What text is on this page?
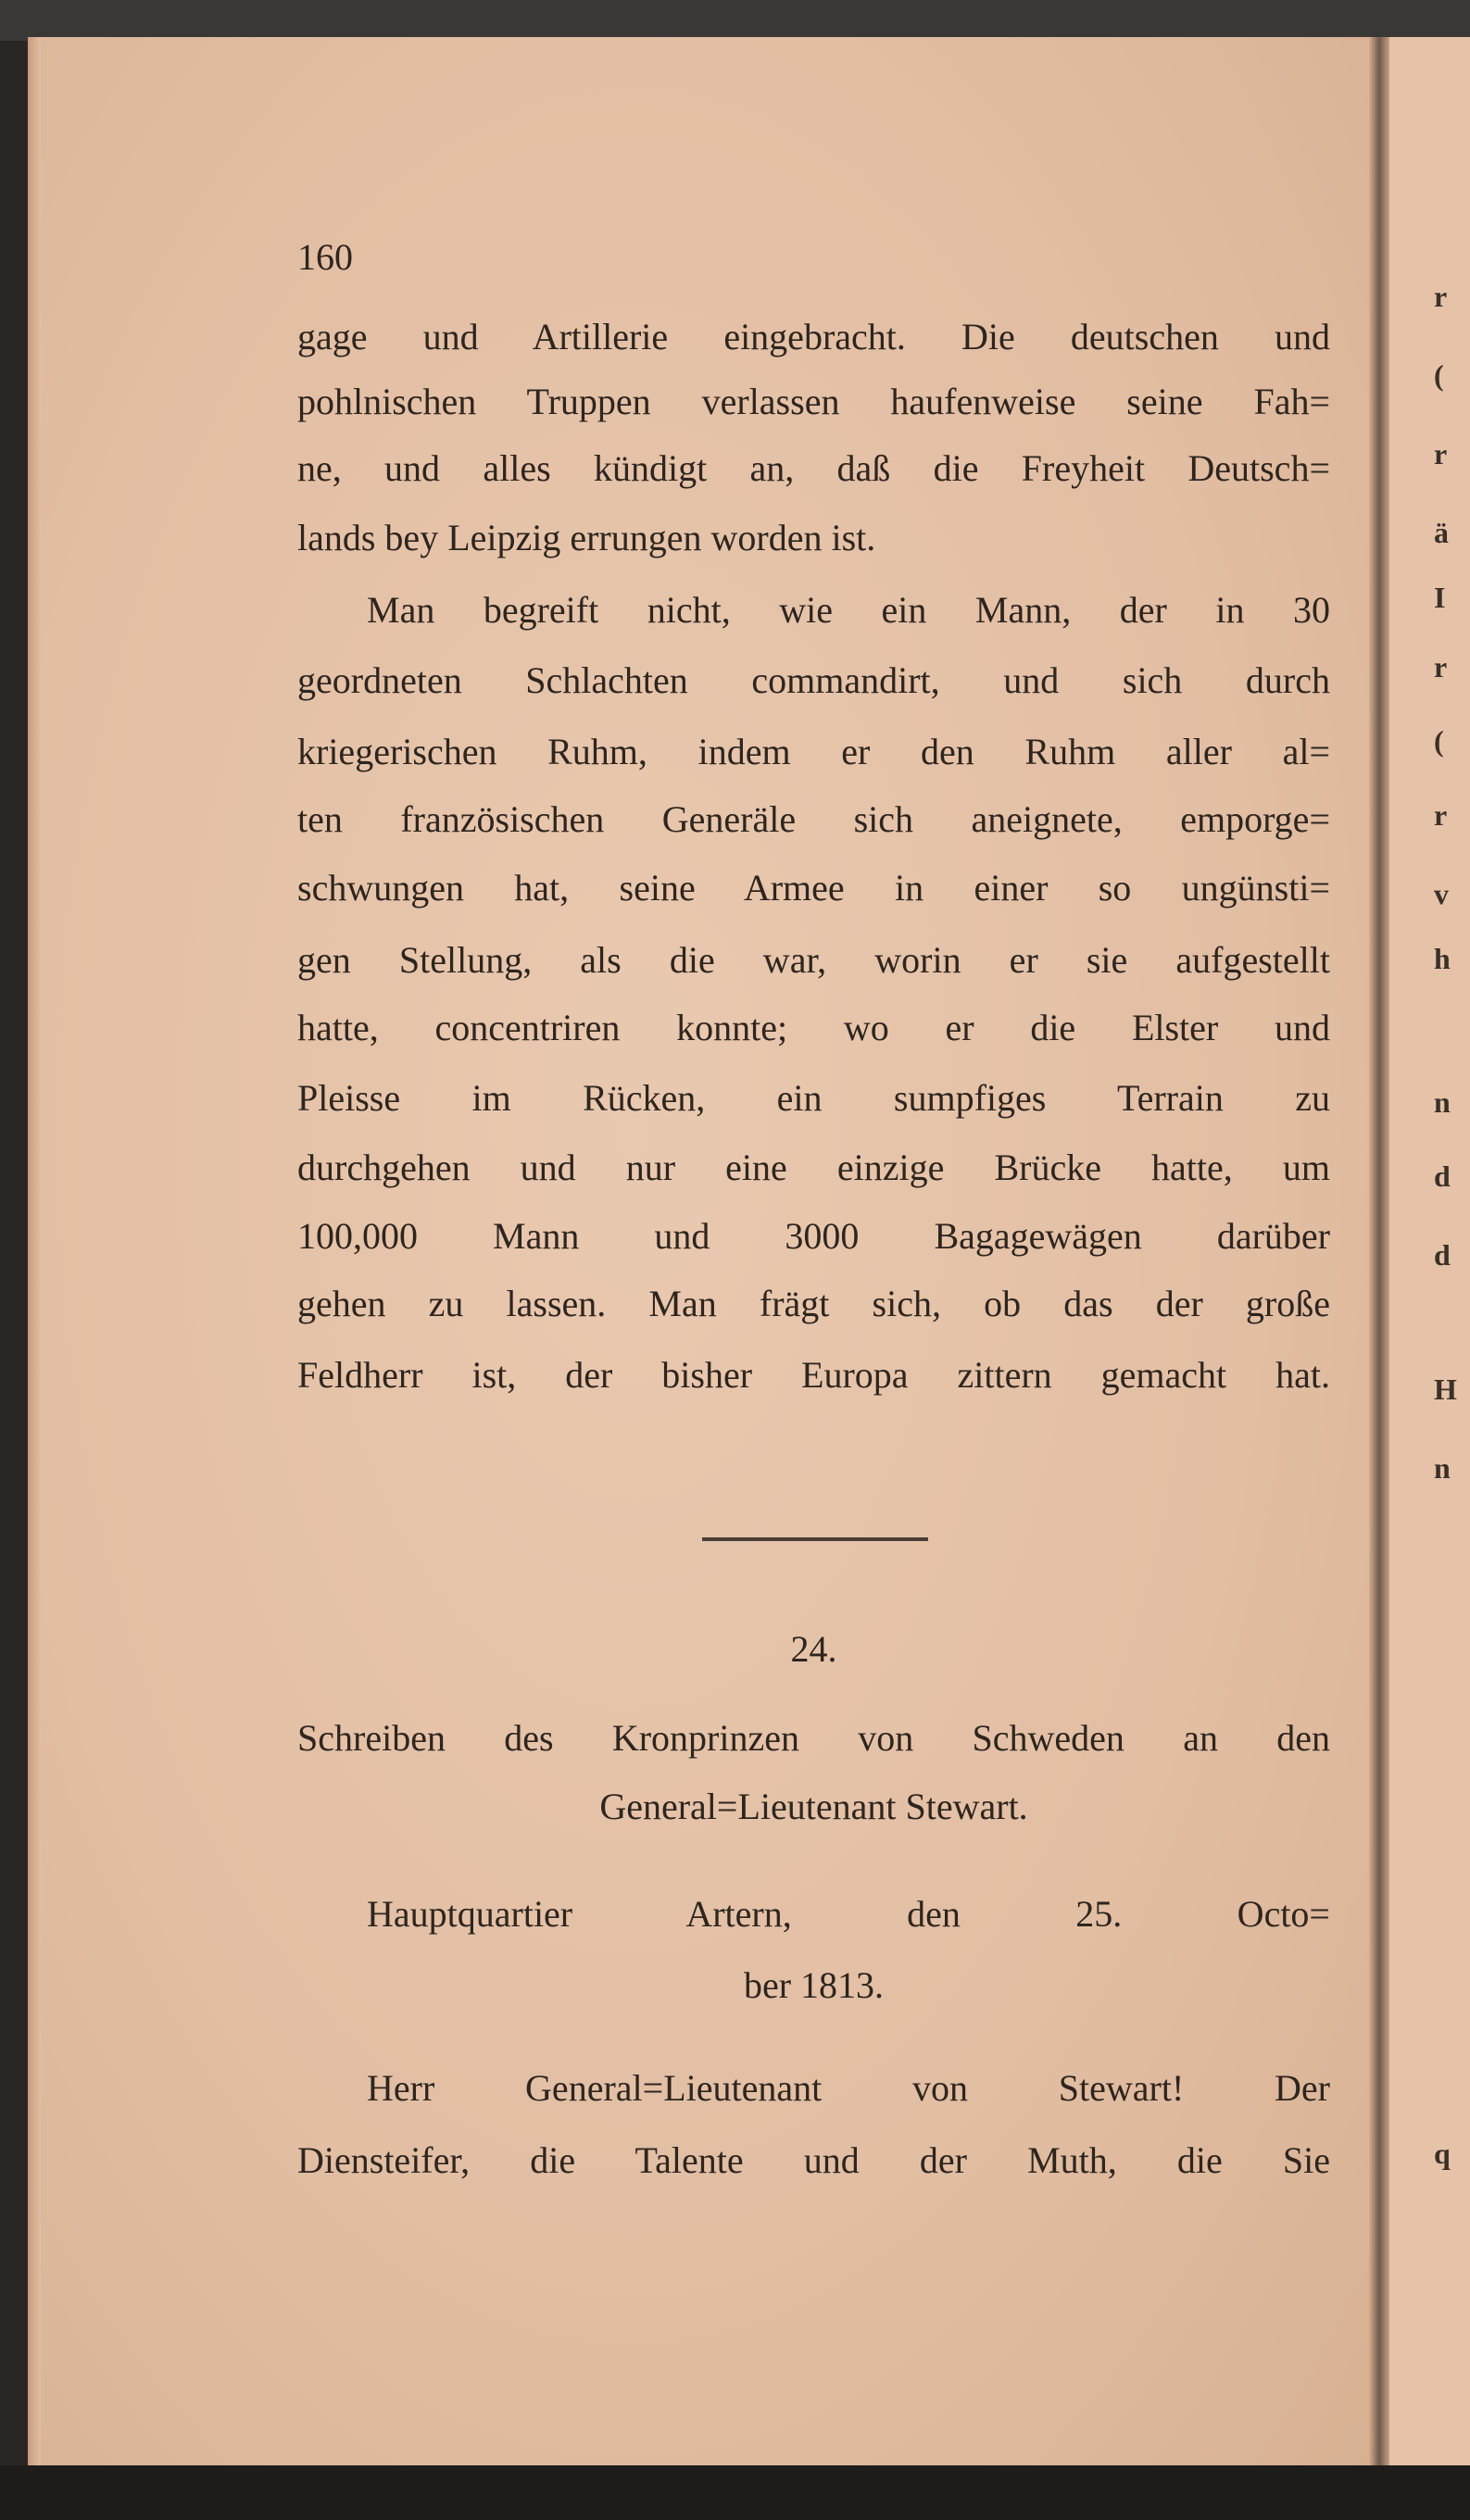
160
gage und Artillerie eingebracht. Die deutschen und
pohlnischen Truppen verlassen haufenweise seine Fah=
ne, und alles kündigt an, daß die Freyheit Deutsch=
lands bey Leipzig errungen worden ist.
Man begreift nicht, wie ein Mann, der in 30
geordneten Schlachten commandirt, und sich durch
kriegerischen Ruhm, indem er den Ruhm aller al=
ten französischen Generäle sich aneignete, emporge=
schwungen hat, seine Armee in einer so ungünsti=
gen Stellung, als die war, worin er sie aufgestellt
hatte, concentriren konnte; wo er die Elster und
Pleisse im Rücken, ein sumpfiges Terrain zu
durchgehen und nur eine einzige Brücke hatte, um
100,000 Mann und 3000 Bagagewägen darüber
gehen zu lassen. Man frägt sich, ob das der große
Feldherr ist, der bisher Europa zittern gemacht hat.
24.
Schreiben des Kronprinzen von Schweden an den
General=Lieutenant Stewart.
Hauptquartier Artern, den 25. Octo=
ber 1813.
Herr General=Lieutenant von Stewart! Der
Diensteifer, die Talente und der Muth, die Sie
r
(
r
ä
I
r
(
r
v
h
n
d
d
H
n
q
